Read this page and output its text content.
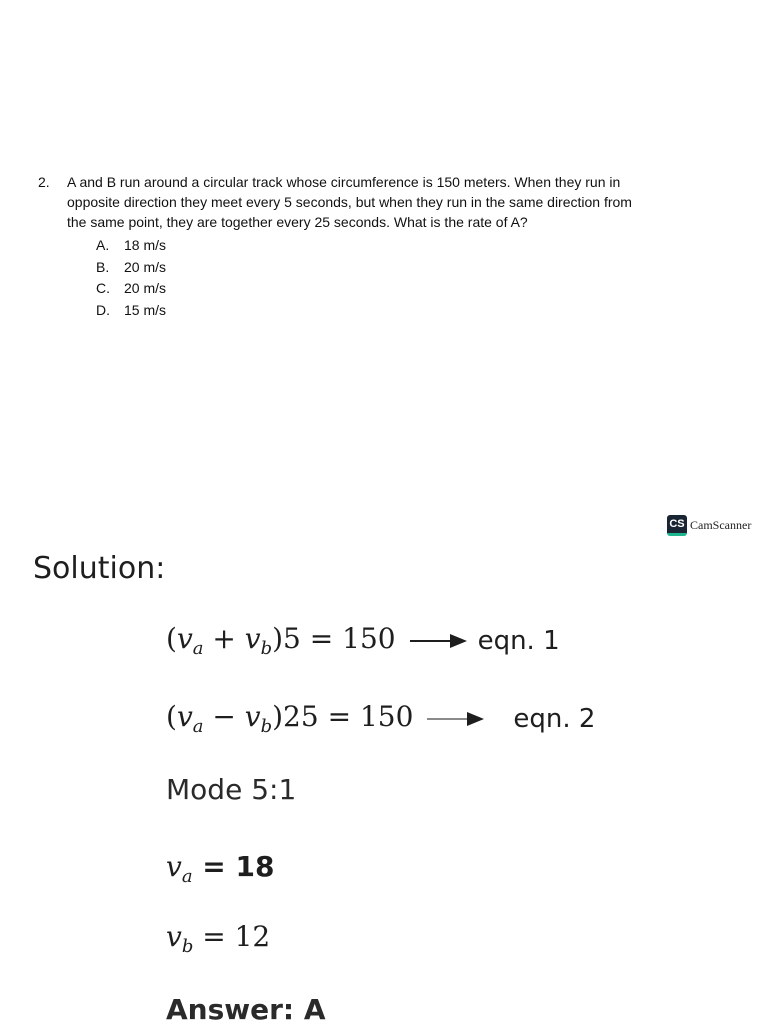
2. A and B run around a circular track whose circumference is 150 meters. When they run in
opposite direction they meet every 5 seconds, but when they run in the same direction from
the same point, they are together every 25 seconds. What is the rate of A?
A. 18 m/s
B. 20 m/s
C. 20 m/s
D. 15 m/s
CS CamScanner
Solution:
$(v_a + v_b)5 = 150$	eqn. 1
$(v_a - v_b)25 = 150$	eqn. 2
Mode 5:1
$v_a = 18$
$v_b = 12$
Answer: A
